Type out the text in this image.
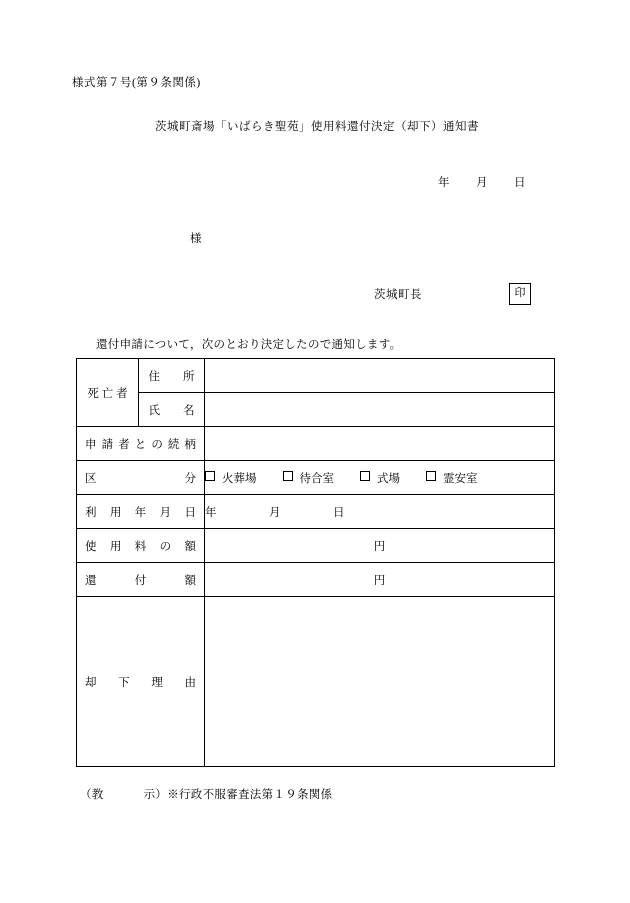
様式第７号(第９条関係)
茨城町斎場「いばらき聖苑」使用料還付決定（却下）通知書
年 月 日
様
茨城町長	印
還付申請について，次のとおり決定したので通知します。
死 亡 者	住　　所	
	氏　　名	

申請者との続柄		

区　　　　分		火葬場 待合室 式場 霊安室

利 用 年 月 日		年 月 日

使 用 料 の 額		円

還　付　額		円

却　下　理　由		

（教	示）※行政不服審査法第１９条関係
